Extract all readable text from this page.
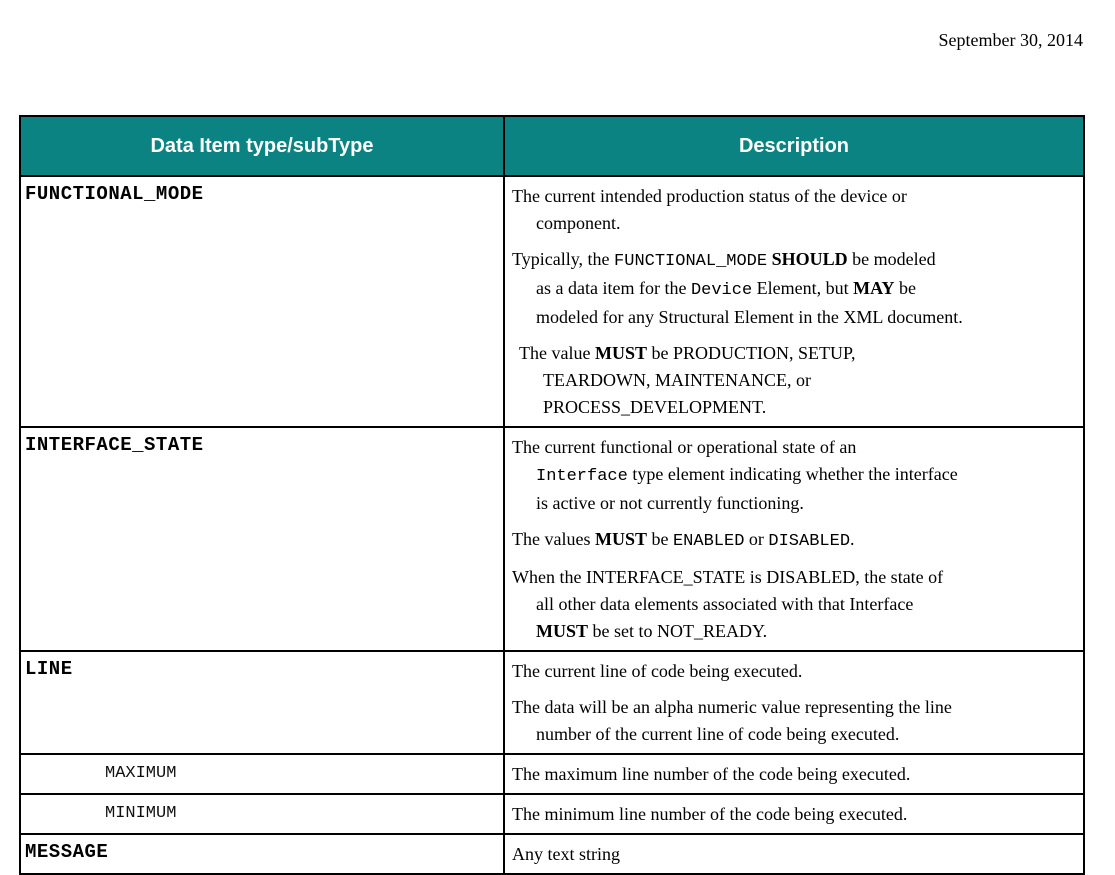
September 30, 2014
Data Item type/subType	Description
FUNCTIONAL_MODE	The current intended production status of the device or
component.

Typically, the FUNCTIONAL_MODE SHOULD be modeled
as a data item for the Device Element, but MAY be
modeled for any Structural Element in the XML document.

The value MUST be PRODUCTION, SETUP,
TEARDOWN, MAINTENANCE, or
PROCESS_DEVELOPMENT.

INTERFACE_STATE	The current functional or operational state of an
Interface type element indicating whether the interface
is active or not currently functioning.

The values MUST be ENABLED or DISABLED.

When the INTERFACE_STATE is DISABLED, the state of
all other data elements associated with that Interface
MUST be set to NOT_READY.

LINE	The current line of code being executed.

The data will be an alpha numeric value representing the line
number of the current line of code being executed.

MAXIMUM	The maximum line number of the code being executed.

MINIMUM	The minimum line number of the code being executed.

MESSAGE	Any text string
